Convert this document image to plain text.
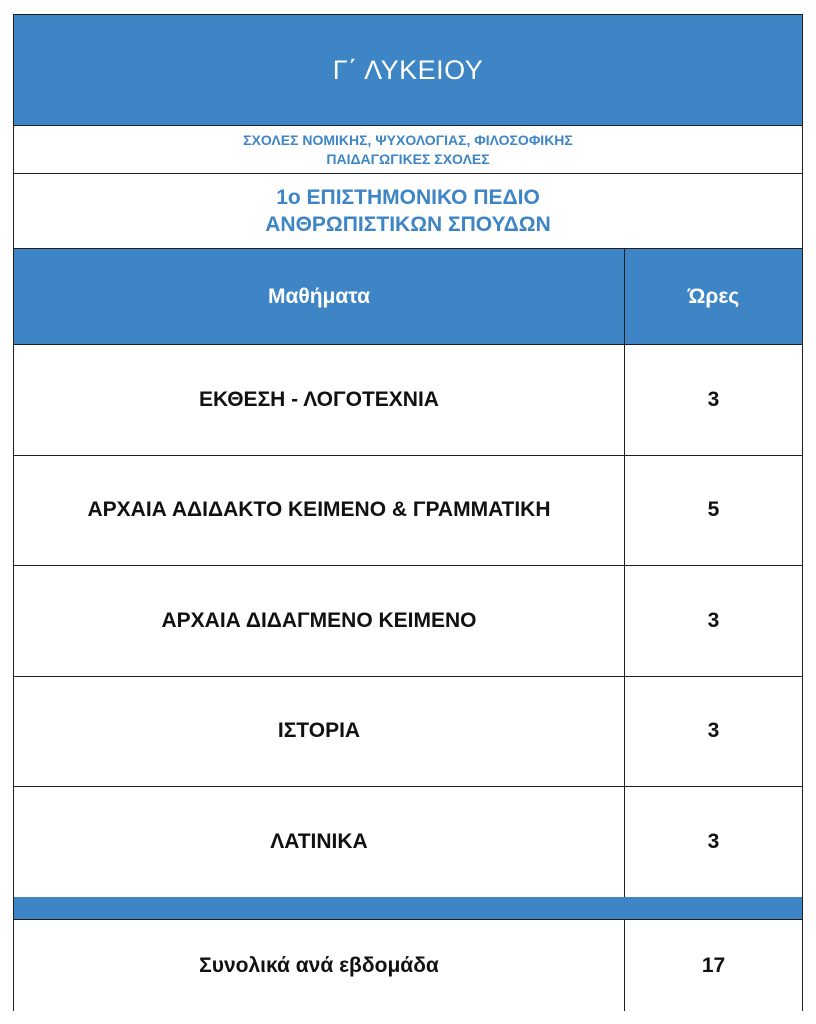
Γ΄ ΛΥΚΕΙΟΥ
ΣΧΟΛΕΣ ΝΟΜΙΚΗΣ, ΨΥΧΟΛΟΓΙΑΣ, ΦΙΛΟΣΟΦΙΚΗΣ
ΠΑΙΔΑΓΩΓΙΚΕΣ ΣΧΟΛΕΣ
1ο ΕΠΙΣΤΗΜΟΝΙΚΟ ΠΕΔΙΟ
ΑΝΘΡΩΠΙΣΤΙΚΩΝ ΣΠΟΥΔΩΝ
Μαθήματα	Ώρες
ΕΚΘΕΣΗ - ΛΟΓΟΤΕΧΝΙΑ	3
ΑΡΧΑΙΑ ΑΔΙΔΑΚΤΟ ΚΕΙΜΕΝΟ & ΓΡΑΜΜΑΤΙΚΗ	5
ΑΡΧΑΙΑ ΔΙΔΑΓΜΕΝΟ ΚΕΙΜΕΝΟ	3
ΙΣΤΟΡΙΑ	3
ΛΑΤΙΝΙΚΑ	3
Συνολικά ανά εβδομάδα	17
